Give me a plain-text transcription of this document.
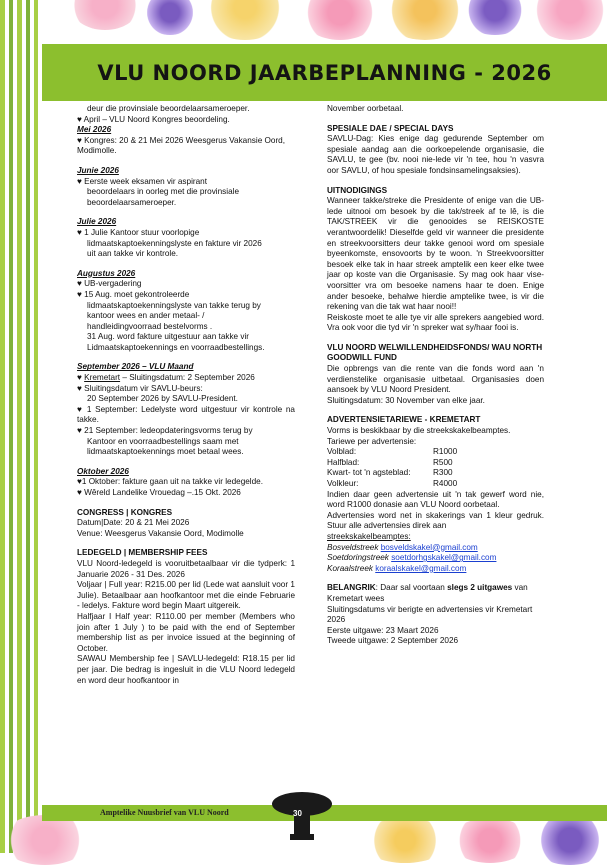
VLU NOORD JAARBEPLANNING - 2026

deur die provinsiale beoordelaarsameroeper.

♥ April – VLU Noord Kongres beoordeling.

Mei 2026

♥ Kongres: 20 & 21 Mei 2026 Weesgerus Vakansie Oord, Modimolle.

Junie 2026

♥ Eerste week eksamen vir aspirant

beoordelaars in oorleg met die provinsiale

beoordelaarsameroeper.

Julie 2026

♥ 1 Julie Kantoor stuur voorlopige

lidmaatskaptoekenningslyste en fakture vir 2026

uit aan takke vir kontrole.

Augustus 2026

♥ UB-vergadering

♥ 15 Aug. moet gekontroleerde

lidmaatskaptoekenningslyste van takke terug by

kantoor wees en ander metaal- /

handleidingvoorraad bestelvorms .

31 Aug. word fakture uitgestuur aan takke vir

Lidmaatskaptoekennings en voorraadbestellings.

September 2026 – VLU Maand

♥ Kremetart – Sluitingsdatum: 2 September 2026

♥ Sluitingsdatum vir SAVLU-beurs:

20 September 2026 by SAVLU-President.

♥ 1 September: Ledelyste word uitgestuur vir kontrole na takke.

♥ 21 September: ledeopdateringsvorms terug by

Kantoor en voorraadbestellings saam met

lidmaatskaptoekennings moet betaal wees.

Oktober 2026

♥1 Oktober: fakture gaan uit na takke vir ledegelde.

♥ Wêreld Landelike Vrouedag –.15 Okt. 2026

CONGRESS | KONGRES

Datum|Date: 20 & 21 Mei 2026

Venue: Weesgerus Vakansie Oord, Modimolle

LEDEGELD | MEMBERSHIP FEES

VLU Noord-ledegeld is vooruitbetaalbaar vir die tydperk: 1 Januarie 2026 - 31 Des. 2026

Voljaar | Full year: R215.00 per lid (Lede wat aansluit voor 1 Julie). Betaalbaar aan hoofkantoor met die einde Februarie - ledelys. Fakture word begin Maart uitgereik.

Halfjaar I Half year: R110.00 per member (Members who join after 1 July ) to be paid with the end of September membership list as per invoice issued at the beginning of October.

SAWAU Membership fee | SAVLU-ledegeld: R18.15 per lid per jaar. Die bedrag is ingesluit in die VLU Noord ledegeld en word deur hoofkantoor in

November oorbetaal.

SPESIALE DAE / SPECIAL DAYS

SAVLU-Dag: Kies enige dag gedurende September om spesiale aandag aan die oorkoepelende organisasie, die SAVLU, te gee (bv. nooi nie-lede vir 'n tee, hou 'n vasvra oor SAVLU, of hou spesiale fondsinsamelingsaksies).

UITNODIGINGS

Wanneer takke/streke die Presidente of enige van die UB-lede uitnooi om besoek by die tak/streek af te lê, is die TAK/STREEK vir die genooides se REISKOSTE verantwoordelik! Dieselfde geld vir wanneer die presidente en streekvoorsitters deur takke genooi word om spesiale byeenkomste, ensovoorts by te woon. 'n Streekvoorsitter besoek elke tak in haar streek amptelik een keer elke twee jaar op koste van die Organisasie. Sy mag ook haar vise-voorsitter vra om besoeke namens haar te doen. Enige ander besoeke, behalwe hierdie amptelike twee, is vir die rekening van die tak wat haar nooi!!

Reiskoste moet te alle tye vir alle sprekers aangebied word. Vra ook voor die tyd vir 'n spreker wat sy/haar fooi is.

VLU NOORD WELWILLENDHEIDSFONDS/ WAU NORTH GOODWILL FUND

Die opbrengs van die rente van die fonds word aan 'n verdienstelike organisasie uitbetaal. Organisasies doen aansoek by VLU Noord President.

Sluitingsdatum: 30 November van elke jaar.

ADVERTENSIETARIEWE - KREMETART

Vorms is beskikbaar by die streekskakelbeamptes.

Tariewe per advertensie:

Volblad:	R1000
Halfblad:	R500
Kwart- tot 'n agsteblad:	R300
Volkleur:	R4000

Indien daar geen advertensie uit 'n tak gewerf word nie, word R1000 donasie aan VLU Noord oorbetaal.

Advertensies word net in skakerings van 1 kleur gedruk. Stuur alle advertensies direk aan

streekskakelbeamptes:

Bosveldstreek bosveldskakel@gmail.com

Soetdoringstreek soetdorhgskakel@gmail.com

Koraalstreek koraalskakel@gmail.com

BELANGRIK: Daar sal voortaan slegs 2 uitgawes van Kremetart wees

Sluitingsdatums vir berigte en advertensies vir Kremetart 2026

Eerste uitgawe: 23 Maart 2026

Tweede uitgawe: 2 September 2026

Amptelike Nuusbrief van VLU Noord	30
